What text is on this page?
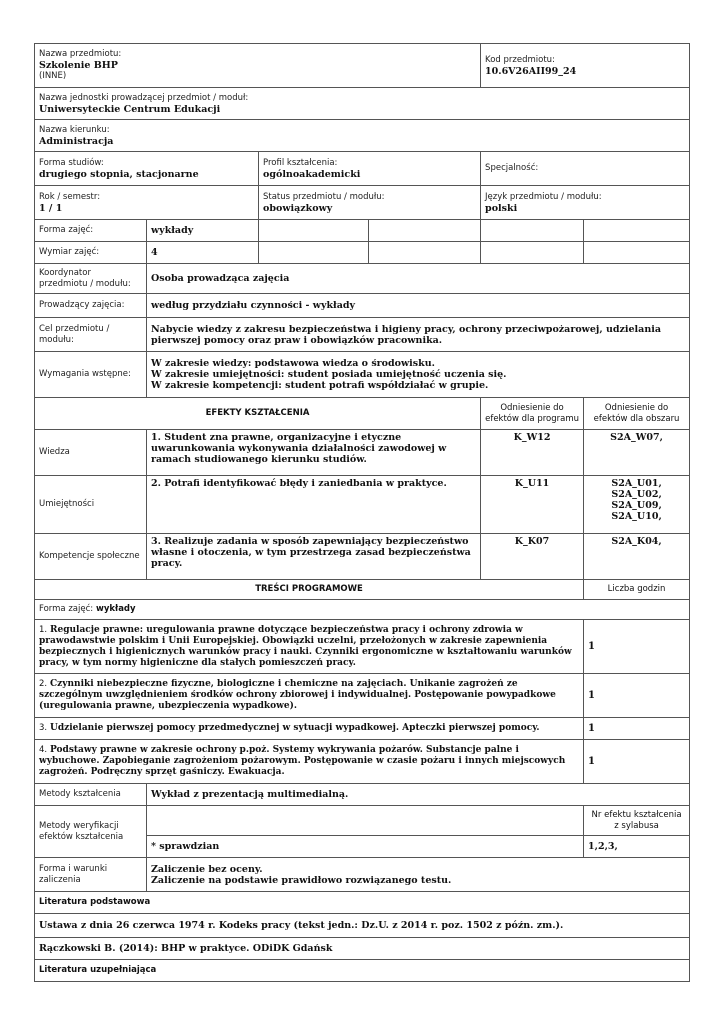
Nazwa przedmiotu:
Szkolenie BHP
(INNE)				Kod przedmiotu:
10.6V26AII99_24	

Nazwa jednostki prowadzącej przedmiot / moduł:
Uniwersyteckie Centrum Edukacji					

Nazwa kierunku:
Administracja					

Forma studiów:
drugiego stopnia, stacjonarne		Profil kształcenia:
ogólnoakademicki		Specjalność:	

Rok / semestr:
1 / 1		Status przedmiotu / modułu:
obowiązkowy		Język przedmiotu / modułu:
polski	

Forma zajęć:	wykłady				
Wymiar zajęć:	4				
Koordynator przedmiotu / modułu:	Osoba prowadząca zajęcia				
Prowadzący zajęcia:	według przydziału czynności - wykłady				
Cel przedmiotu / modułu:	Nabycie wiedzy z zakresu bezpieczeństwa i higieny pracy, ochrony przeciwpożarowej, udzielania pierwszej pomocy oraz praw i obowiązków pracownika.				
Wymagania wstępne:	W zakresie wiedzy: podstawowa wiedza o środowisku.
W zakresie umiejętności: student posiada umiejętność uczenia się.
W zakresie kompetencji: student potrafi współdziałać w grupie.				

EFEKTY KSZTAŁCENIA				Odniesienie do efektów dla programu	Odniesienie do efektów dla obszaru
Wiedza	1. Student zna prawne, organizacyjne i etyczne uwarunkowania wykonywania działalności zawodowej w ramach studiowanego kierunku studiów.			K_W12	S2A_W07,

Umiejętności	2. Potrafi identyfikować błędy i zaniedbania w praktyce.			K_U11	S2A_U01,
S2A_U02,
S2A_U09,
S2A_U10,

Kompetencje społeczne	3. Realizuje zadania w sposób zapewniający bezpieczeństwo własne i otoczenia, w tym przestrzega zasad bezpieczeństwa pracy.			K_K07	S2A_K04,

TREŚCI PROGRAMOWE					Liczba godzin
Forma zajęć: wykłady					
1. Regulacje prawne: uregulowania prawne dotyczące bezpieczeństwa pracy i ochrony zdrowia w prawodawstwie polskim i Unii Europejskiej. Obowiązki uczelni, przełożonych w zakresie zapewnienia bezpiecznych i higienicznych warunków pracy i nauki. Czynniki ergonomiczne w kształtowaniu warunków pracy, w tym normy higieniczne dla stałych pomieszczeń pracy.					1
2. Czynniki niebezpieczne fizyczne, biologiczne i chemiczne na zajęciach. Unikanie zagrożeń ze szczególnym uwzględnieniem środków ochrony zbiorowej i indywidualnej. Postępowanie powypadkowe (uregulowania prawne, ubezpieczenia wypadkowe).					1
3. Udzielanie pierwszej pomocy przedmedycznej w sytuacji wypadkowej. Apteczki pierwszej pomocy.					1
4. Podstawy prawne w zakresie ochrony p.poż. Systemy wykrywania pożarów. Substancje palne i wybuchowe. Zapobieganie zagrożeniom pożarowym. Postępowanie w czasie pożaru i innych miejscowych zagrożeń. Podręczny sprzęt gaśniczy. Ewakuacja.					1
Metody kształcenia	Wykład z prezentacją multimedialną.				
Metody weryfikacji efektów kształcenia					Nr efektu kształcenia z sylabusa
	* sprawdzian				1,2,3,
Forma i warunki zaliczenia	Zaliczenie bez oceny.
Zaliczenie na podstawie prawidłowo rozwiązanego testu.				

Literatura podstawowa					
Ustawa z dnia 26 czerwca 1974 r. Kodeks pracy (tekst jedn.: Dz.U. z 2014 r. poz. 1502 z późn. zm.).					
Rączkowski B. (2014): BHP w praktyce. ODiDK Gdańsk					
Literatura uzupełniająca					
